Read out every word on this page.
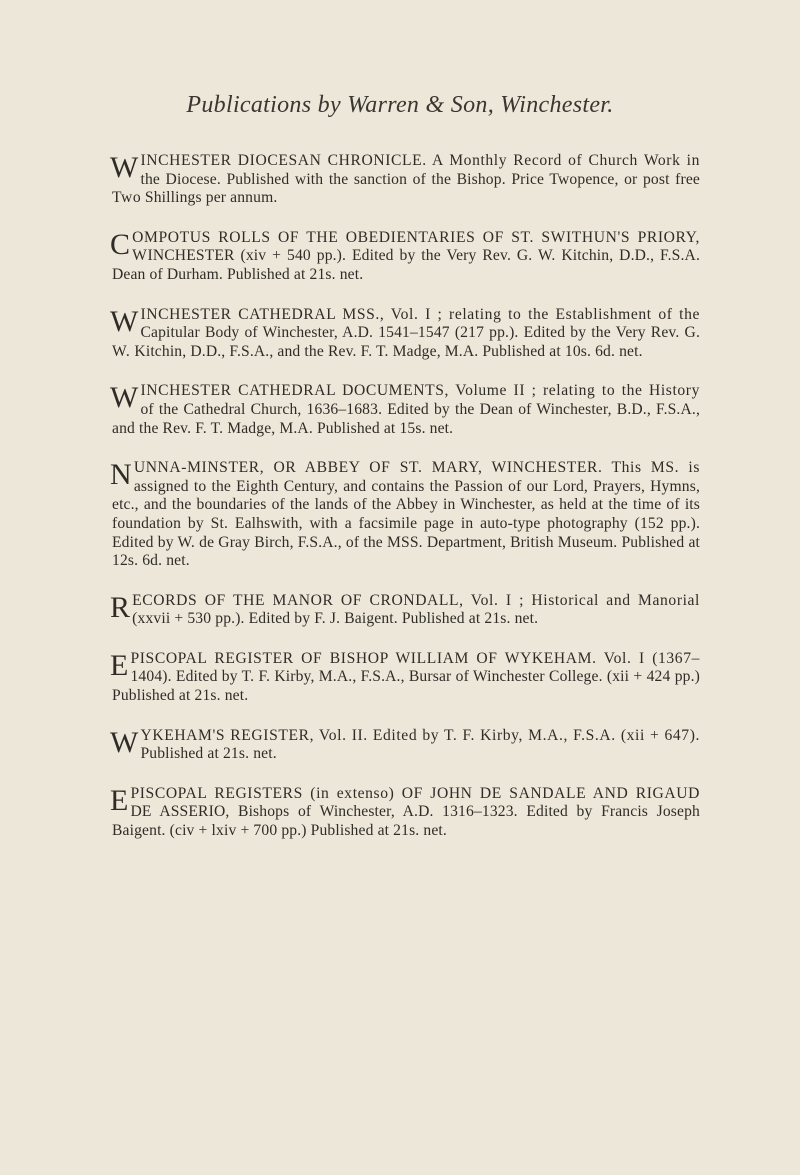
Publications by Warren & Son, Winchester.
WINCHESTER DIOCESAN CHRONICLE. A Monthly Record of Church Work in the Diocese. Published with the sanction of the Bishop. Price Twopence, or post free Two Shillings per annum.
COMPOTUS ROLLS OF THE OBEDIENTARIES OF ST. SWITHUN'S PRIORY, WINCHESTER (xiv + 540 pp.). Edited by the Very Rev. G. W. Kitchin, D.D., F.S.A. Dean of Durham. Published at 21s. net.
WINCHESTER CATHEDRAL MSS., Vol. I ; relating to the Establishment of the Capitular Body of Winchester, A.D. 1541–1547 (217 pp.). Edited by the Very Rev. G. W. Kitchin, D.D., F.S.A., and the Rev. F. T. Madge, M.A. Published at 10s. 6d. net.
WINCHESTER CATHEDRAL DOCUMENTS, Volume II ; relating to the History of the Cathedral Church, 1636–1683. Edited by the Dean of Winchester, B.D., F.S.A., and the Rev. F. T. Madge, M.A. Published at 15s. net.
NUNNA-MINSTER, OR ABBEY OF ST. MARY, WINCHESTER. This MS. is assigned to the Eighth Century, and contains the Passion of our Lord, Prayers, Hymns, etc., and the boundaries of the lands of the Abbey in Winchester, as held at the time of its foundation by St. Ealhswith, with a facsimile page in auto-type photography (152 pp.). Edited by W. de Gray Birch, F.S.A., of the MSS. Department, British Museum. Published at 12s. 6d. net.
RECORDS OF THE MANOR OF CRONDALL, Vol. I ; Historical and Manorial (xxvii + 530 pp.). Edited by F. J. Baigent. Published at 21s. net.
EPISCOPAL REGISTER OF BISHOP WILLIAM OF WYKEHAM. Vol. I (1367–1404). Edited by T. F. Kirby, M.A., F.S.A., Bursar of Winchester College. (xii + 424 pp.) Published at 21s. net.
WYKEHAM'S REGISTER, Vol. II. Edited by T. F. Kirby, M.A., F.S.A. (xii + 647). Published at 21s. net.
EPISCOPAL REGISTERS (in extenso) OF JOHN DE SANDALE AND RIGAUD DE ASSERIO, Bishops of Winchester, A.D. 1316–1323. Edited by Francis Joseph Baigent. (civ + lxiv + 700 pp.) Published at 21s. net.
